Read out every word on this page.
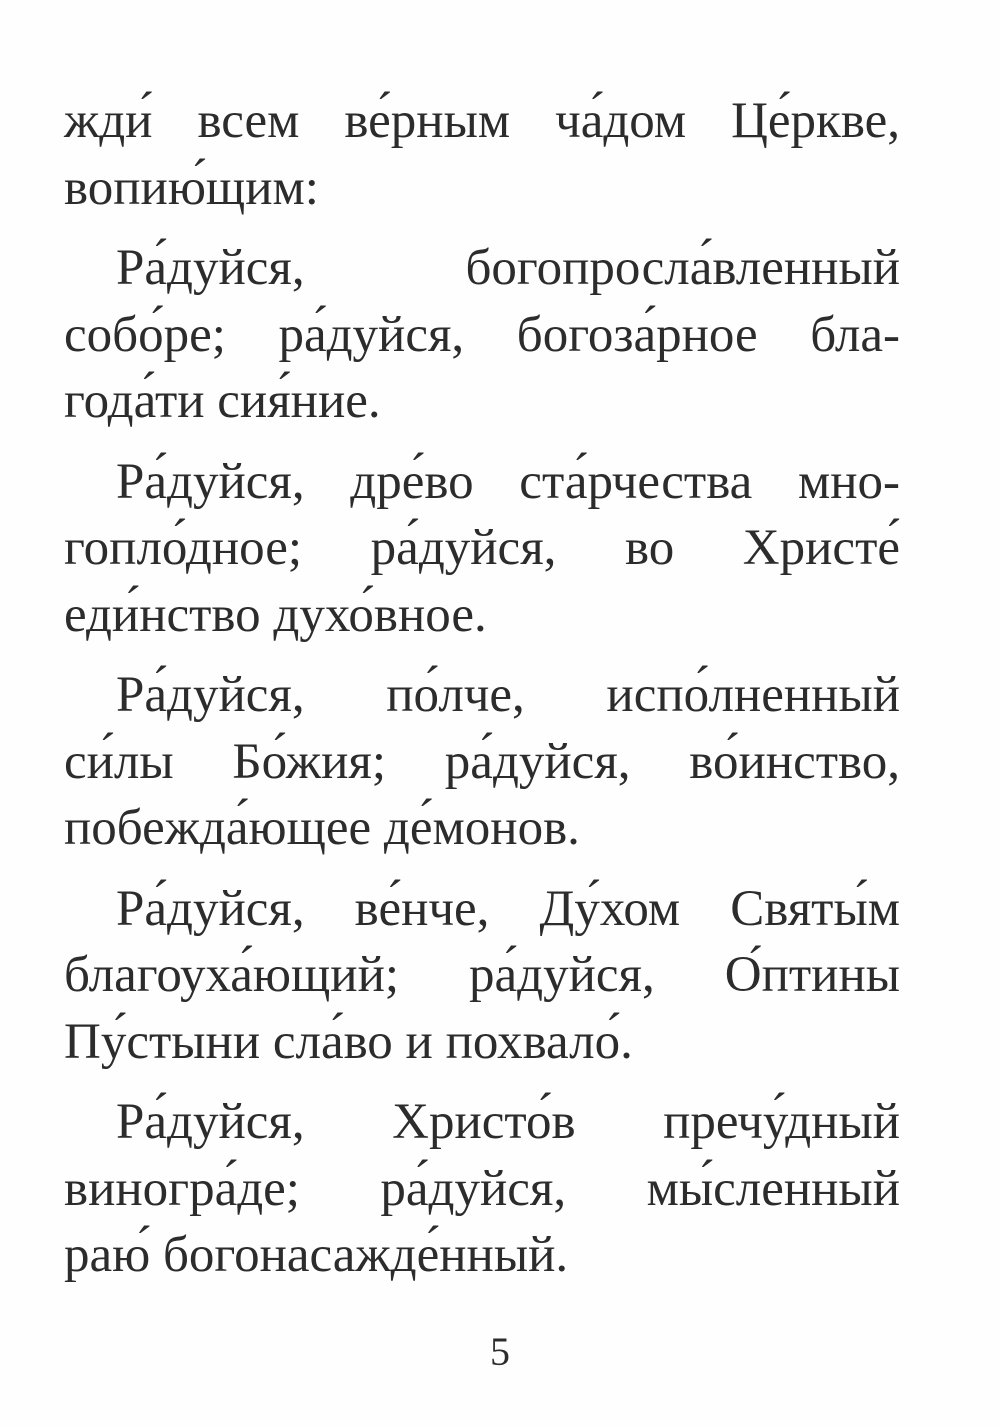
жди́ всем ве́рным ча́дом Це́ркве,
вопию́щим:

Ра́дуйся, богопросла́вленный
собо́ре; ра́дуйся, богоза́рное бла-
года́ти сия́ние.

Ра́дуйся, дре́во ста́рчества мно-
гопло́дное; ра́дуйся, во Христе́
еди́нство духо́вное.

Ра́дуйся, по́лче, испо́лненный
си́лы Бо́жия; ра́дуйся, во́инство,
побежда́ющее де́монов.

Ра́дуйся, ве́нче, Ду́хом Святы́м
благоуха́ющий; ра́дуйся, О́птины
Пу́стыни сла́во и похвало́.

Ра́дуйся, Христо́в пречу́дный
виногра́де; ра́дуйся, мы́сленный
раю́ богонасажде́нный.

5
